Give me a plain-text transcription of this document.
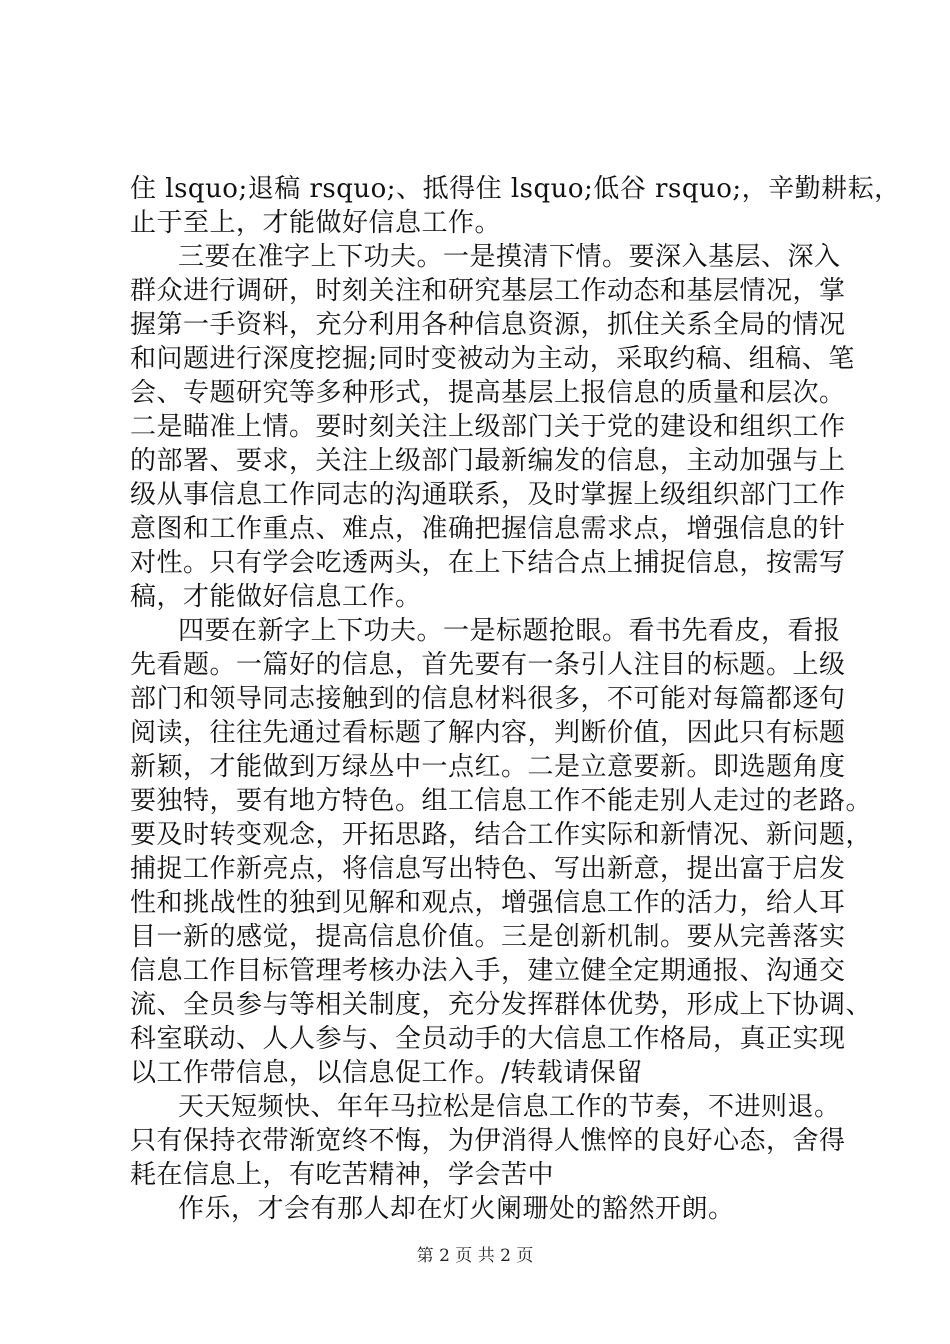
住 lsquo;退稿 rsquo;、抵得住 lsquo;低谷 rsquo;，辛勤耕耘，
止于至上，才能做好信息工作。
三要在准字上下功夫。一是摸清下情。要深入基层、深入
群众进行调研，时刻关注和研究基层工作动态和基层情况，掌
握第一手资料，充分利用各种信息资源，抓住关系全局的情况
和问题进行深度挖掘;同时变被动为主动，采取约稿、组稿、笔
会、专题研究等多种形式，提高基层上报信息的质量和层次。
二是瞄准上情。要时刻关注上级部门关于党的建设和组织工作
的部署、要求，关注上级部门最新编发的信息，主动加强与上
级从事信息工作同志的沟通联系，及时掌握上级组织部门工作
意图和工作重点、难点，准确把握信息需求点，增强信息的针
对性。只有学会吃透两头，在上下结合点上捕捉信息，按需写
稿，才能做好信息工作。
四要在新字上下功夫。一是标题抢眼。看书先看皮，看报
先看题。一篇好的信息，首先要有一条引人注目的标题。上级
部门和领导同志接触到的信息材料很多，不可能对每篇都逐句
阅读，往往先通过看标题了解内容，判断价值，因此只有标题
新颖，才能做到万绿丛中一点红。二是立意要新。即选题角度
要独特，要有地方特色。组工信息工作不能走别人走过的老路。
要及时转变观念，开拓思路，结合工作实际和新情况、新问题，
捕捉工作新亮点，将信息写出特色、写出新意，提出富于启发
性和挑战性的独到见解和观点，增强信息工作的活力，给人耳
目一新的感觉，提高信息价值。三是创新机制。要从完善落实
信息工作目标管理考核办法入手，建立健全定期通报、沟通交
流、全员参与等相关制度，充分发挥群体优势，形成上下协调、
科室联动、人人参与、全员动手的大信息工作格局，真正实现
以工作带信息，以信息促工作。/转载请保留
天天短频快、年年马拉松是信息工作的节奏，不进则退。
只有保持衣带渐宽终不悔，为伊消得人憔悴的良好心态，舍得
耗在信息上，有吃苦精神，学会苦中
作乐，才会有那人却在灯火阑珊处的豁然开朗。
第 2 页 共 2 页
